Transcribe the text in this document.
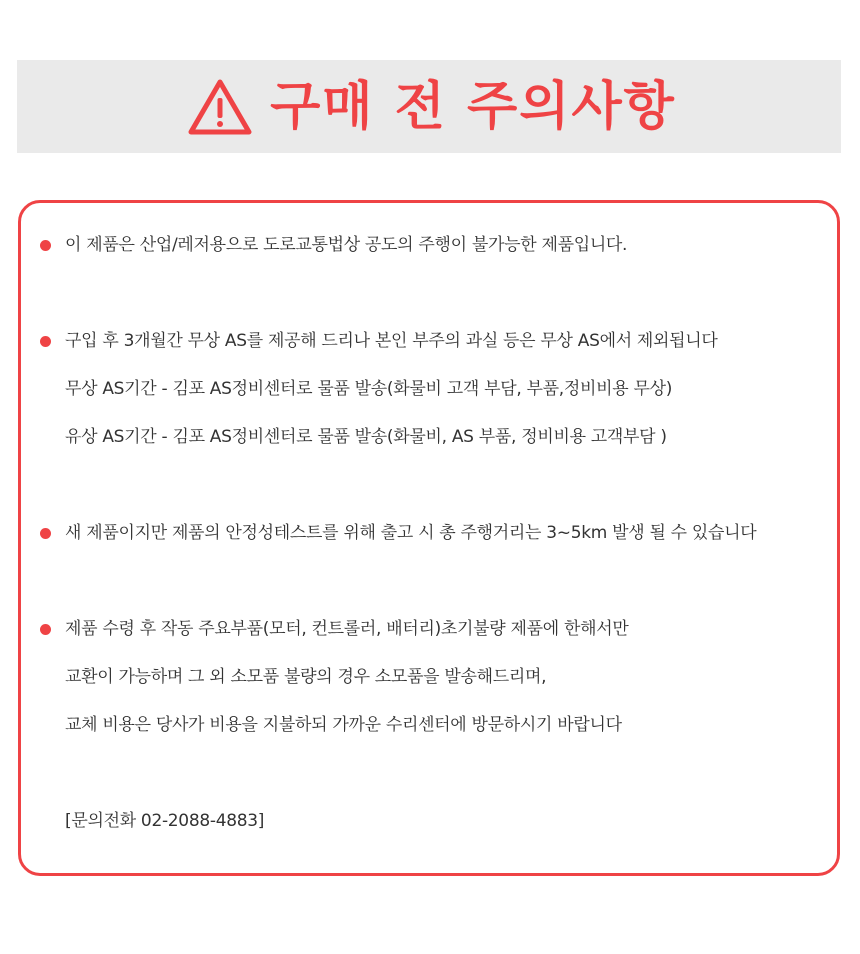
구매 전 주의사항
이 제품은 산업/레저용으로 도로교통법상 공도의 주행이 불가능한 제품입니다.
구입 후 3개월간 무상 AS를 제공해 드리나 본인 부주의 과실 등은 무상 AS에서 제외됩니다
무상 AS기간 - 김포 AS정비센터로 물품 발송(화물비 고객 부담, 부품,정비비용 무상)
유상 AS기간 - 김포 AS정비센터로 물품 발송(화물비, AS 부품, 정비비용 고객부담 )
새 제품이지만 제품의 안정성테스트를 위해 출고 시 총 주행거리는 3~5km 발생 될 수 있습니다
제품 수령 후 작동 주요부품(모터, 컨트롤러, 배터리)초기불량 제품에 한해서만
교환이 가능하며 그 외 소모품 불량의 경우 소모품을 발송해드리며,
교체 비용은 당사가 비용을 지불하되 가까운 수리센터에 방문하시기 바랍니다
[문의전화 02-2088-4883]
